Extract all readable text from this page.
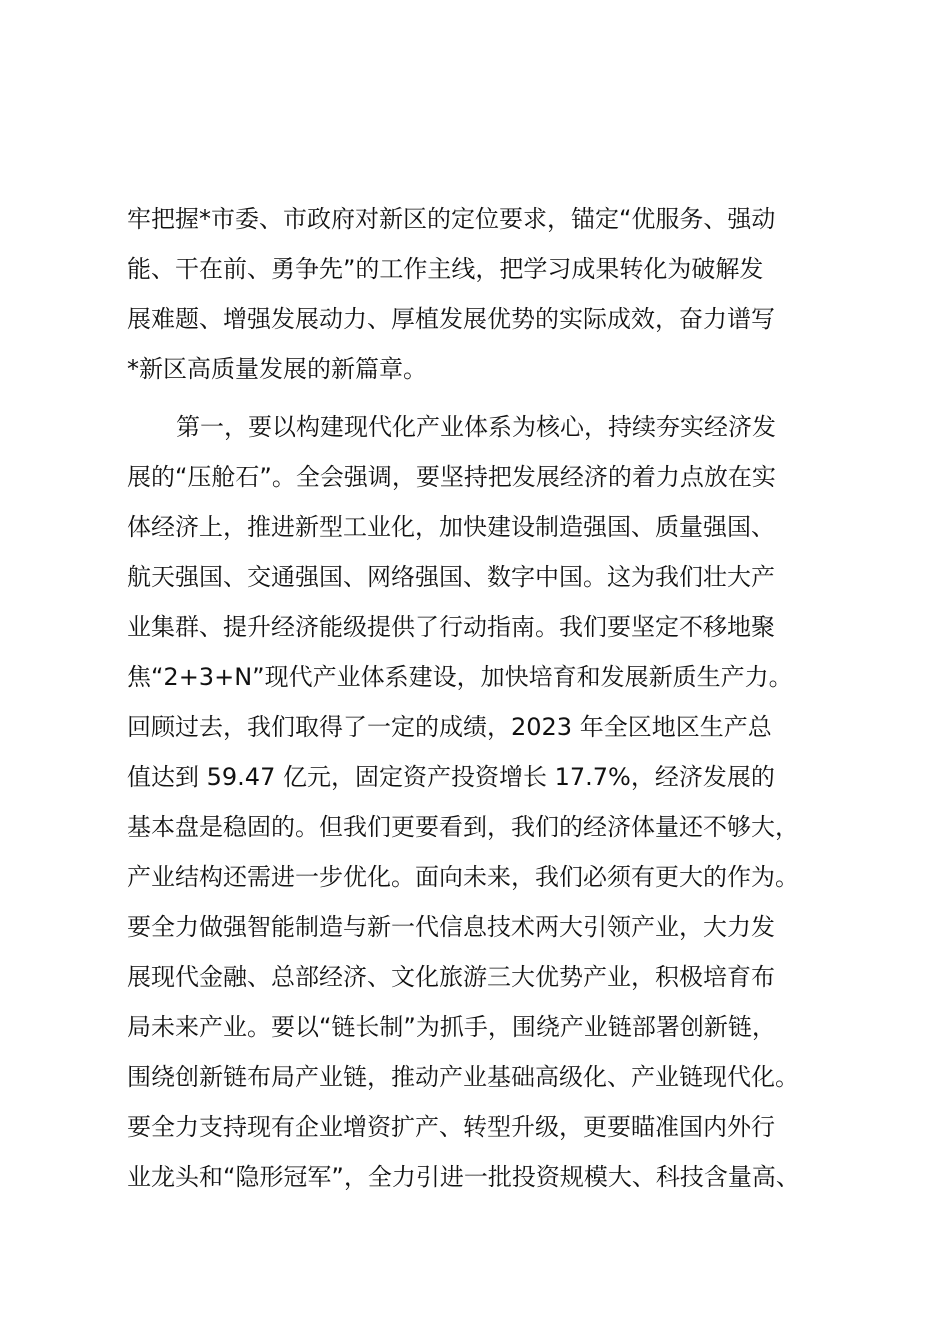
牢把握*市委、市政府对新区的定位要求，锚定“优服务、强动
能、干在前、勇争先”的工作主线，把学习成果转化为破解发
展难题、增强发展动力、厚植发展优势的实际成效，奋力谱写
*新区高质量发展的新篇章。
第一，要以构建现代化产业体系为核心，持续夯实经济发
展的“压舱石”。全会强调，要坚持把发展经济的着力点放在实
体经济上，推进新型工业化，加快建设制造强国、质量强国、
航天强国、交通强国、网络强国、数字中国。这为我们壮大产
业集群、提升经济能级提供了行动指南。我们要坚定不移地聚
焦“2+3+N”现代产业体系建设，加快培育和发展新质生产力。
回顾过去，我们取得了一定的成绩，2023 年全区地区生产总
值达到 59.47 亿元，固定资产投资增长 17.7%，经济发展的
基本盘是稳固的。但我们更要看到，我们的经济体量还不够大，
产业结构还需进一步优化。面向未来，我们必须有更大的作为。
要全力做强智能制造与新一代信息技术两大引领产业，大力发
展现代金融、总部经济、文化旅游三大优势产业，积极培育布
局未来产业。要以“链长制”为抓手，围绕产业链部署创新链，
围绕创新链布局产业链，推动产业基础高级化、产业链现代化。
要全力支持现有企业增资扩产、转型升级，更要瞄准国内外行
业龙头和“隐形冠军”，全力引进一批投资规模大、科技含量高、
